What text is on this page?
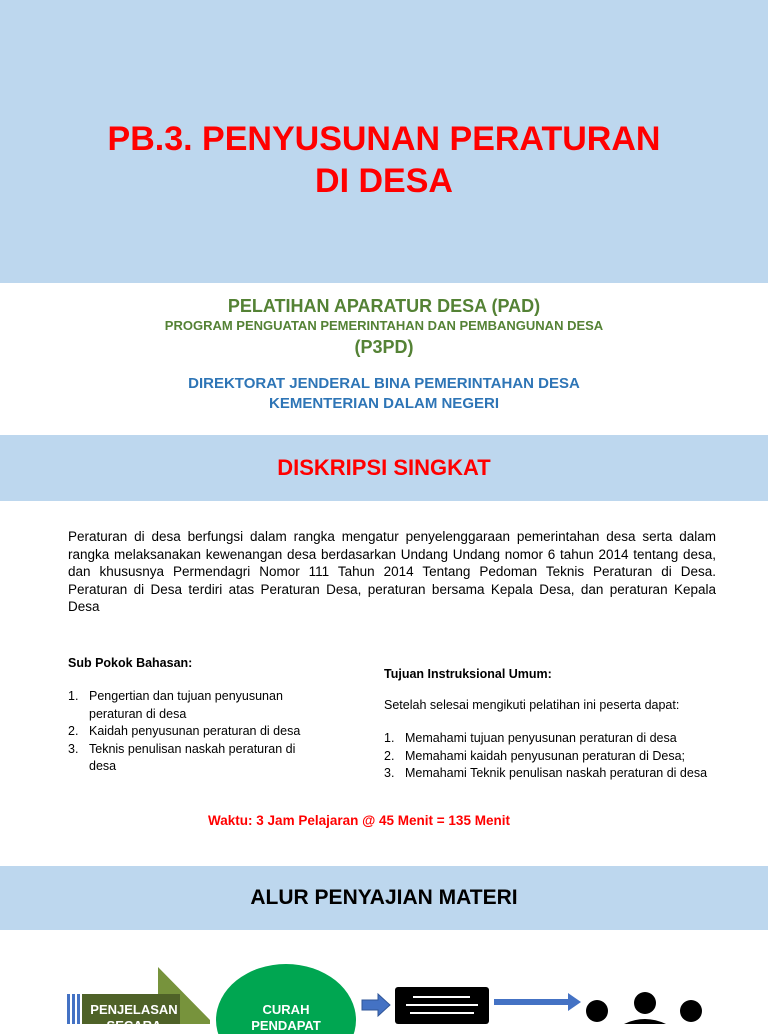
PB.3. PENYUSUNAN PERATURAN
DI DESA
PELATIHAN APARATUR DESA (PAD)
PROGRAM PENGUATAN PEMERINTAHAN DAN PEMBANGUNAN DESA
(P3PD)
DIREKTORAT JENDERAL BINA PEMERINTAHAN DESA
KEMENTERIAN DALAM NEGERI
DISKRIPSI SINGKAT
Peraturan di desa berfungsi dalam rangka mengatur penyelenggaraan pemerintahan desa serta dalam rangka melaksanakan kewenangan desa berdasarkan Undang Undang nomor 6 tahun 2014 tentang desa, dan khususnya Permendagri Nomor 111 Tahun 2014 Tentang Pedoman Teknis Peraturan di Desa. Peraturan di Desa terdiri atas Peraturan Desa, peraturan bersama Kepala Desa, dan peraturan Kepala Desa
Sub Pokok Bahasan:
1. Pengertian dan tujuan penyusunan peraturan di desa
2. Kaidah penyusunan peraturan di desa
3. Teknis penulisan naskah peraturan di desa
Tujuan Instruksional Umum:
Setelah selesai mengikuti pelatihan ini peserta dapat:
1. Memahami tujuan penyusunan peraturan di desa
2. Memahami kaidah penyusunan peraturan di Desa;
3. Memahami Teknik penulisan naskah peraturan di desa
Waktu: 3 Jam Pelajaran @ 45 Menit = 135 Menit
ALUR PENYAJIAN MATERI
PENJELASAN
SECARA
CURAH
PENDAPAT
